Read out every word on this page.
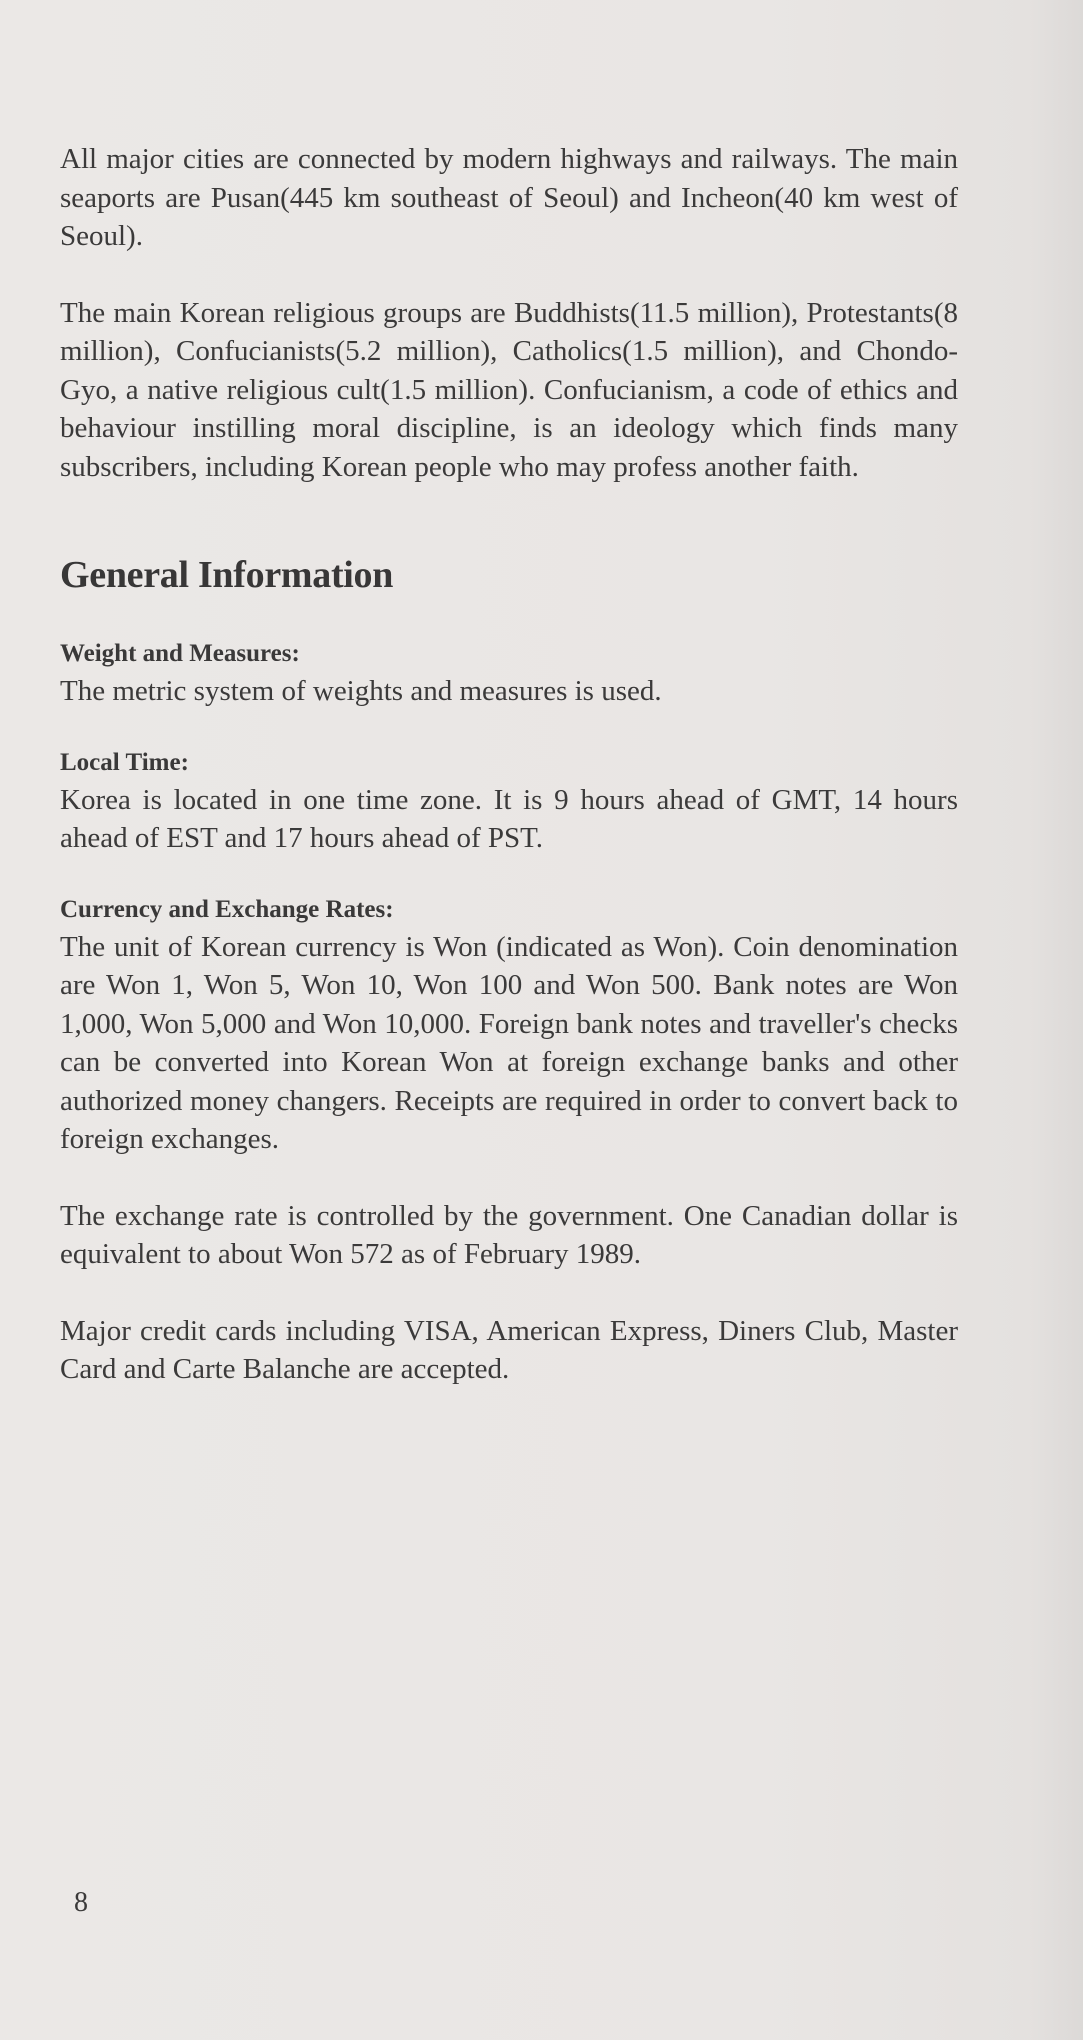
All major cities are connected by modern highways and railways. The main seaports are Pusan(445 km southeast of Seoul) and Incheon(40 km west of Seoul).

The main Korean religious groups are Buddhists(11.5 million), Protestants(8 million), Confucianists(5.2 million), Catholics(1.5 million), and Chondo-Gyo, a native religious cult(1.5 million). Confucianism, a code of ethics and behaviour instilling moral discipline, is an ideology which finds many subscribers, including Korean people who may profess another faith.

General Information
Weight and Measures:

The metric system of weights and measures is used.

Local Time:

Korea is located in one time zone. It is 9 hours ahead of GMT, 14 hours ahead of EST and 17 hours ahead of PST.

Currency and Exchange Rates:

The unit of Korean currency is Won (indicated as Won). Coin denomination are Won 1, Won 5, Won 10, Won 100 and Won 500. Bank notes are Won 1,000, Won 5,000 and Won 10,000. Foreign bank notes and traveller's checks can be converted into Korean Won at foreign exchange banks and other authorized money changers. Receipts are required in order to convert back to foreign exchanges.

The exchange rate is controlled by the government. One Canadian dollar is equivalent to about Won 572 as of February 1989.

Major credit cards including VISA, American Express, Diners Club, Master Card and Carte Balanche are accepted.

8
